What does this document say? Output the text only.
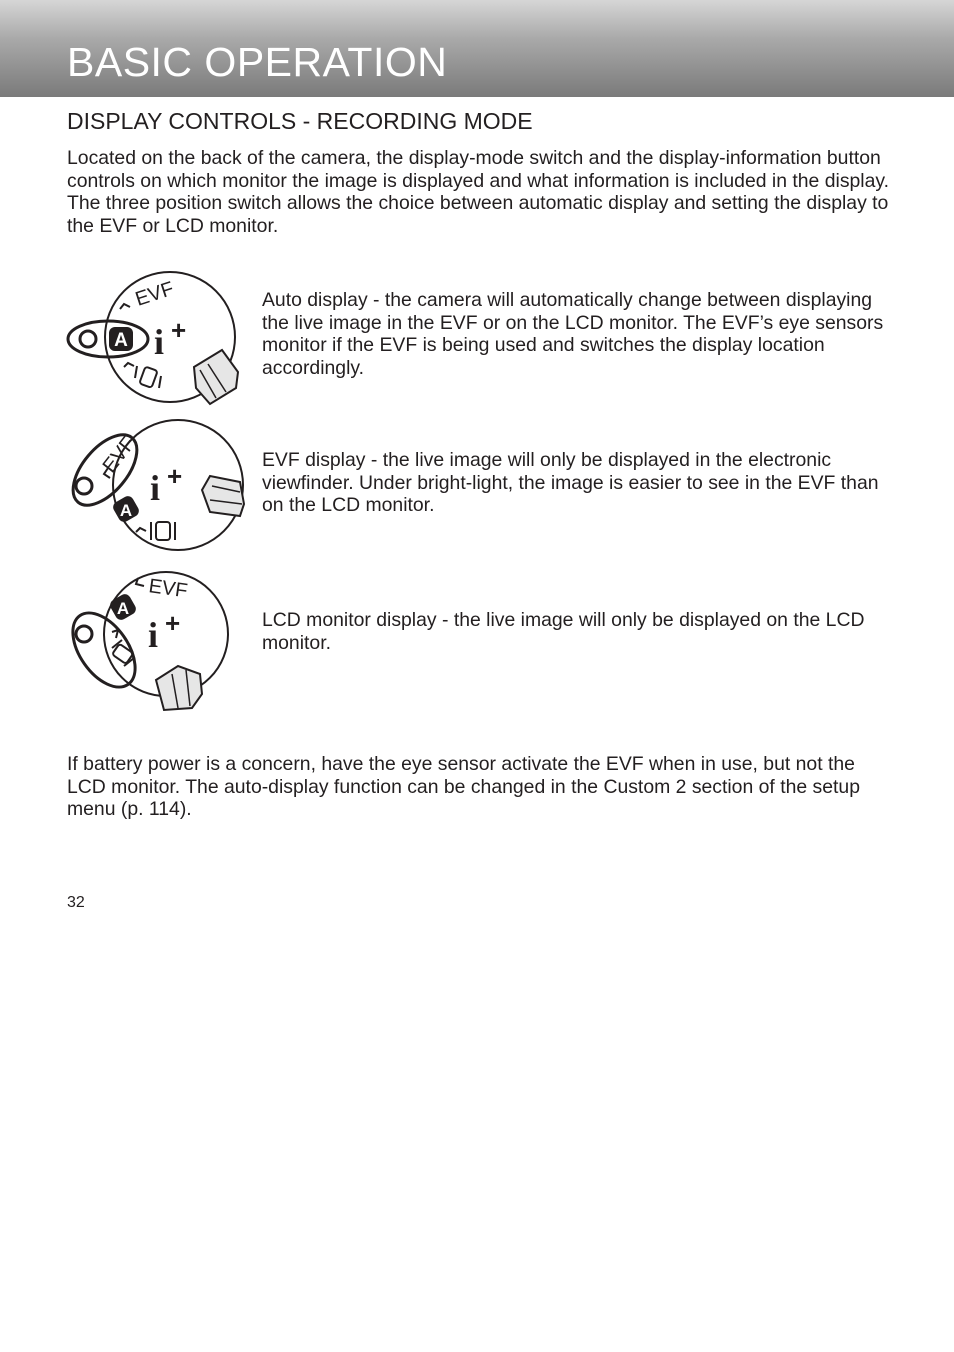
BASIC OPERATION
DISPLAY CONTROLS - RECORDING MODE

Located on the back of the camera, the display-mode switch and the display-information button controls on which monitor the image is displayed and what information is included in the display. The three position switch allows the choice between automatic display and setting the display to the EVF or LCD monitor.

EVF
i +
A

Auto display - the camera will automatically change between displaying the live image in the EVF or on the LCD monitor. The EVF’s eye sensors monitor if the EVF is being used and switches the display location accordingly.

EVF
A
i +

EVF display - the live image will only be displayed in the electronic viewfinder. Under bright-light, the image is easier to see in the EVF than on the LCD monitor.

EVF
A
i +	LCD monitor display - the live image will only be displayed on the LCD monitor.

If battery power is a concern, have the eye sensor activate the EVF when in use, but not the LCD monitor. The auto-display function can be changed in the Custom 2 section of the setup menu (p. 114).

32
